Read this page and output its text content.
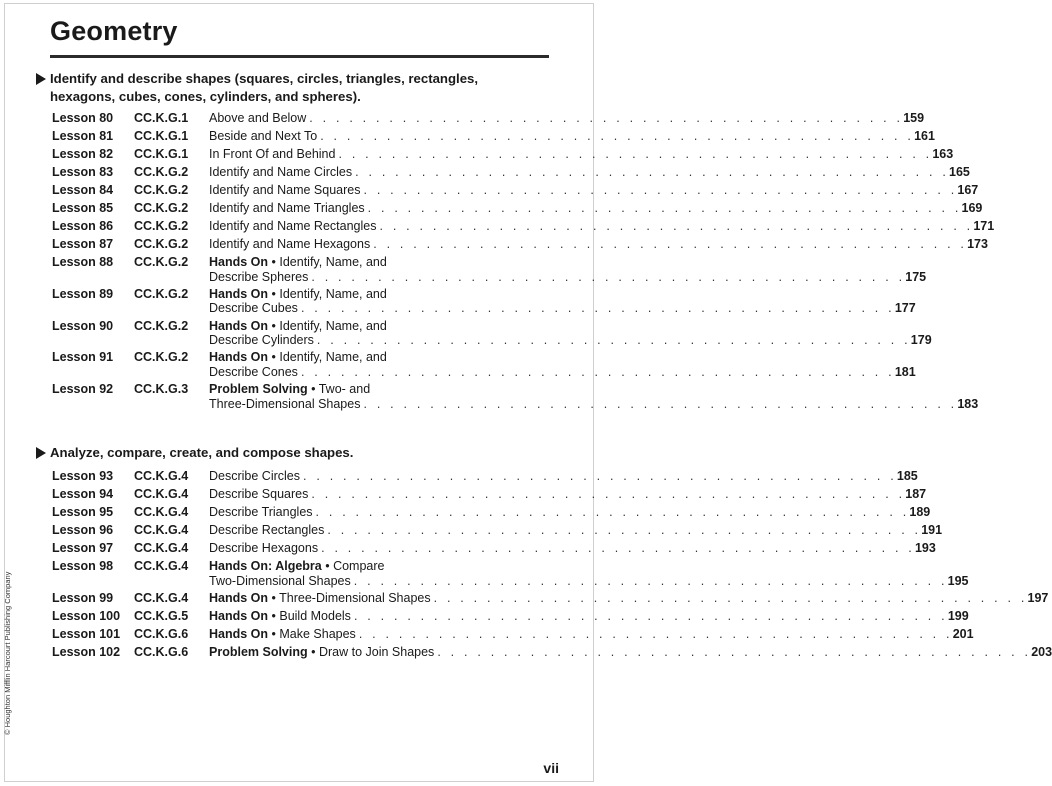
Geometry
Identify and describe shapes (squares, circles, triangles, rectangles, hexagons, cubes, cones, cylinders, and spheres).
Analyze, compare, create, and compose shapes.
Lesson 80 CC.K.G.1 Above and Below . . . . . . . . . . . . . . . . . . . . . . . . . . . . . . . . . . . . . . . . . . . . . 159
Lesson 81 CC.K.G.1 Beside and Next To . . . . . . . . . . . . . . . . . . . . . . . . . . . . . . . . . . . . . . . . . . . . . 161
Lesson 82 CC.K.G.1 In Front Of and Behind . . . . . . . . . . . . . . . . . . . . . . . . . . . . . . . . . . . . . . . . . . . . . 163
Lesson 83 CC.K.G.2 Identify and Name Circles . . . . . . . . . . . . . . . . . . . . . . . . . . . . . . . . . . . . . . . . . . . . . 165
Lesson 84 CC.K.G.2 Identify and Name Squares . . . . . . . . . . . . . . . . . . . . . . . . . . . . . . . . . . . . . . . . . . . . . 167
Lesson 85 CC.K.G.2 Identify and Name Triangles . . . . . . . . . . . . . . . . . . . . . . . . . . . . . . . . . . . . . . . . . . . . . 169
Lesson 86 CC.K.G.2 Identify and Name Rectangles . . . . . . . . . . . . . . . . . . . . . . . . . . . . . . . . . . . . . . . . . . . . . 171
Lesson 87 CC.K.G.2 Identify and Name Hexagons . . . . . . . . . . . . . . . . . . . . . . . . . . . . . . . . . . . . . . . . . . . . . 173
Lesson 88 CC.K.G.2 Hands On • Identify, Name, and
Describe Spheres . . . . . . . . . . . . . . . . . . . . . . . . . . . . . . . . . . . . . . . . . . . . . 175
Lesson 89 CC.K.G.2 Hands On • Identify, Name, and
Describe Cubes . . . . . . . . . . . . . . . . . . . . . . . . . . . . . . . . . . . . . . . . . . . . . 177
Lesson 90 CC.K.G.2 Hands On • Identify, Name, and
Describe Cylinders . . . . . . . . . . . . . . . . . . . . . . . . . . . . . . . . . . . . . . . . . . . . . 179
Lesson 91 CC.K.G.2 Hands On • Identify, Name, and
Describe Cones . . . . . . . . . . . . . . . . . . . . . . . . . . . . . . . . . . . . . . . . . . . . . 181
Lesson 92 CC.K.G.3 Problem Solving • Two- and
Three-Dimensional Shapes . . . . . . . . . . . . . . . . . . . . . . . . . . . . . . . . . . . . . . . . . . . . . 183
Lesson 93 CC.K.G.4 Describe Circles . . . . . . . . . . . . . . . . . . . . . . . . . . . . . . . . . . . . . . . . . . . . . 185
Lesson 94 CC.K.G.4 Describe Squares . . . . . . . . . . . . . . . . . . . . . . . . . . . . . . . . . . . . . . . . . . . . . 187
Lesson 95 CC.K.G.4 Describe Triangles . . . . . . . . . . . . . . . . . . . . . . . . . . . . . . . . . . . . . . . . . . . . . 189
Lesson 96 CC.K.G.4 Describe Rectangles . . . . . . . . . . . . . . . . . . . . . . . . . . . . . . . . . . . . . . . . . . . . . 191
Lesson 97 CC.K.G.4 Describe Hexagons . . . . . . . . . . . . . . . . . . . . . . . . . . . . . . . . . . . . . . . . . . . . . 193
Lesson 98 CC.K.G.4 Hands On: Algebra • Compare
Two-Dimensional Shapes . . . . . . . . . . . . . . . . . . . . . . . . . . . . . . . . . . . . . . . . . . . . . 195
Lesson 99 CC.K.G.4 Hands On • Three-Dimensional Shapes . . . . . . . . . . . . . . . . . . . . . . . . . . . . . . . . . . . . . . . . . . . . . 197
Lesson 100 CC.K.G.5 Hands On • Build Models . . . . . . . . . . . . . . . . . . . . . . . . . . . . . . . . . . . . . . . . . . . . . 199
Lesson 101 CC.K.G.6 Hands On • Make Shapes . . . . . . . . . . . . . . . . . . . . . . . . . . . . . . . . . . . . . . . . . . . . . 201
Lesson 102 CC.K.G.6 Problem Solving • Draw to Join Shapes . . . . . . . . . . . . . . . . . . . . . . . . . . . . . . . . . . . . . . . . . . . . . 203
© Houghton Mifflin Harcourt Publishing Company
vii
